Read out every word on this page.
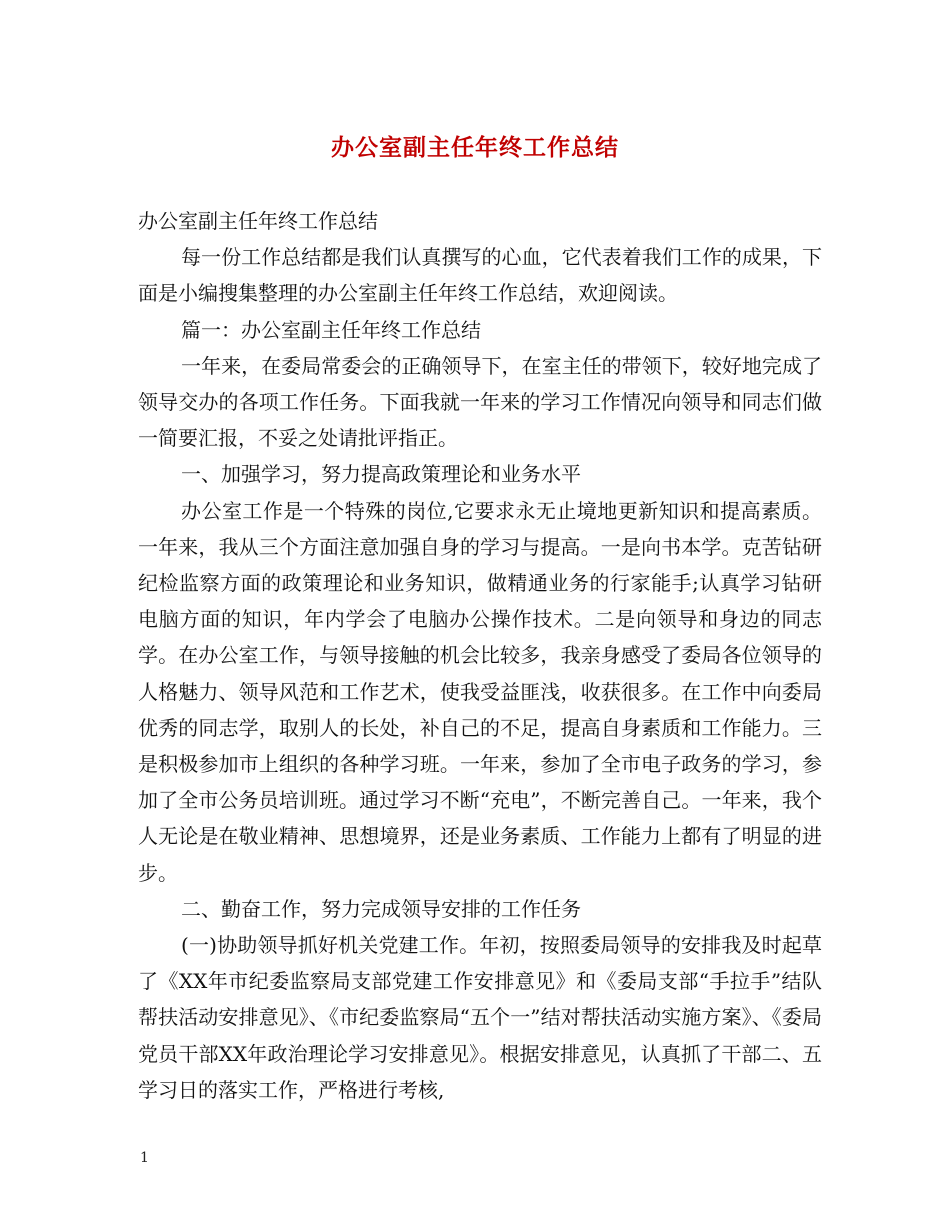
办公室副主任年终工作总结

办公室副主任年终工作总结

每一份工作总结都是我们认真撰写的心血，它代表着我们工作的成果，下面是小编搜集整理的办公室副主任年终工作总结，欢迎阅读。

篇一：办公室副主任年终工作总结

一年来，在委局常委会的正确领导下，在室主任的带领下，较好地完成了领导交办的各项工作任务。下面我就一年来的学习工作情况向领导和同志们做一简要汇报，不妥之处请批评指正。

一、加强学习，努力提高政策理论和业务水平

办公室工作是一个特殊的岗位,它要求永无止境地更新知识和提高素质。一年来，我从三个方面注意加强自身的学习与提高。一是向书本学。克苦钻研纪检监察方面的政策理论和业务知识，做精通业务的行家能手;认真学习钻研电脑方面的知识，年内学会了电脑办公操作技术。二是向领导和身边的同志学。在办公室工作，与领导接触的机会比较多，我亲身感受了委局各位领导的人格魅力、领导风范和工作艺术，使我受益匪浅，收获很多。在工作中向委局优秀的同志学，取别人的长处，补自己的不足，提高自身素质和工作能力。三是积极参加市上组织的各种学习班。一年来，参加了全市电子政务的学习，参加了全市公务员培训班。通过学习不断“充电”，不断完善自己。一年来，我个人无论是在敬业精神、思想境界，还是业务素质、工作能力上都有了明显的进步。

二、勤奋工作，努力完成领导安排的工作任务

(一)协助领导抓好机关党建工作。年初，按照委局领导的安排我及时起草了《XX年市纪委监察局支部党建工作安排意见》和《委局支部“手拉手”结队帮扶活动安排意见》、《市纪委监察局“五个一”结对帮扶活动实施方案》、《委局党员干部XX年政治理论学习安排意见》。根据安排意见，认真抓了干部二、五学习日的落实工作，严格进行考核,

1
